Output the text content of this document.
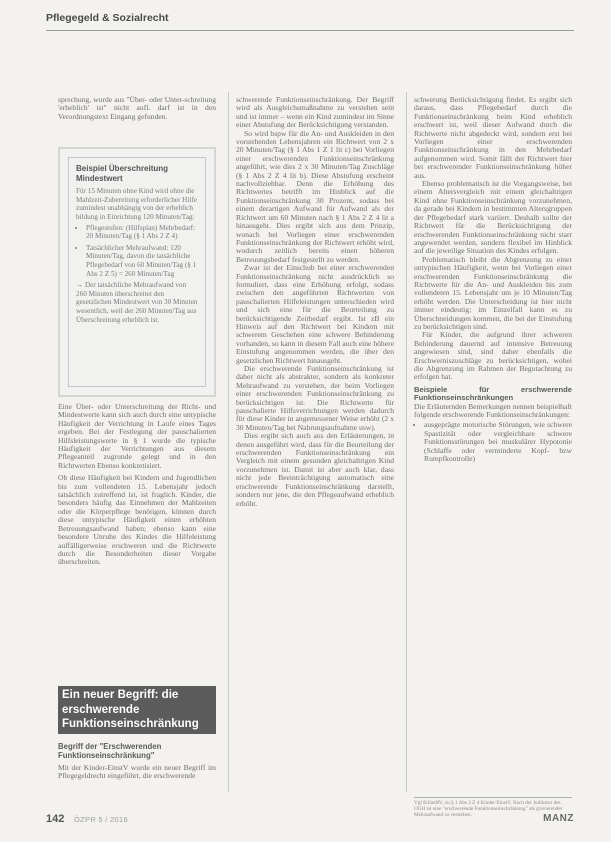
Pflegegeld & Sozialrecht

sprechung, wurde aus "Über- oder Unter-schreitung 'erheblich' ist" nicht aufl. darf ist in den Verordnungstext Eingang gefunden.

Beispiel Überschreitung Mindestwert
Für 15 Minuten ohne Kind wird ohne die Mahlzeit-Zubereitung erforderlicher Hilfe zumindest unabhängig von der erheblich bildung in Einrichtung 120 Minuten/Tag:
• Pflegestufen: (Hilfsplan) Mehrbedarf: 20 Minuten/Tag (§ 1 Abs 2 Z 4)
• Tatsächlicher Mehraufwand: 120 Minuten/Tag, davon die tatsächliche Pflegebedarf von 60 Minuten/Tag (§ 1 Abs 2 Z 5) = 260 Minuten/Tag
→ Der tatsächliche Mehraufwand von 260 Minuten überschreitet den gesetzlichen Mindestwert von 30 Minuten wesentlich, weil der 260 Minuten/Tag aus Überschreitung erheblich ist.

Eine Über- oder Unterschreitung der Richt- und Mindestwerte kann sich auch durch eine untypische Häufigkeit der Verrichtung in Laufe eines Tages ergeben. Bei der Festlegung der pauschalierten Hilfsleistungswerte in § 1 wurde die typische Häufigkeit der Verrichtungen aus diesem Pflegeanteil zugrunde gelegt und in den Richtwerten Ebenso konkretisiert.

Ob diese Häufigkeit bei Kindern und Jugendlichen bis zum vollendeten 15. Lebensjahr jedoch tatsächlich zutreffend ist, ist fraglich. Kinder, die besonders häufig das Einnehmen der Mahlzeiten oder die Körperpflege benötigen, können durch diese untypische Häufigkeit einen erhöhten Betreuungsaufwand haben; ebenso kann eine besondere Unruhe des Kindes die Hilfeleistung auffälligerweise erschweren und die Richtwerte durch die Besonderheiten dieser Vorgabe überschreiten.

Ein neuer Begriff: die erschwerende Funktionseinschränkung
Begriff der "Erschwerenden Funktionseinschränkung"
Mit der Kinder-EinstV wurde ein neuer Begriff im Pflegegeldrecht eingeführt, die erschwerende

schwerende Funktionseinschränkung. Der Begriff wird als Ausgleichsmaßnahme zu verstehen sein und ist immer – wenn ein Kind zumindest im Sinne einer Abstufung der Berücksichtigung verstanden.

So wird bspw für die An- und Auskleiden in den vorstehenden Lebensjahren ein Richtwert von 2 x 20 Minuten/Tag (§ 1 Abs 1 Z 1 lit c) bei Vorliegen einer erschwerenden Funktionseinschränkung angeführt, wie dies 2 x 30 Minuten/Tag Zuschläge (§ 1 Abs 2 Z 4 lit b). Diese Abstufung erscheint nachvollziehbar. Denn die Erhöhung des Richtwertes betrifft im Hinblick auf die Funktionseinschränkung 30 Prozent, sodass bei einem derartigen Aufwand für Aufwand als der Richtwert um 60 Minuten nach § 1 Abs 2 Z 4 lit a hinausgeht. Dies ergibt sich aus dem Prinzip, wonach bei Vorliegen einer erschwerenden Funktionseinschränkung der Richtwert erhöht wird, wodurch zeitlich bereits einen höheren Betreuungsbedarf festgestellt zu werden.

Zwar ist der Einschub bei einer erschwerenden Funktionseinschränkung nicht ausdrücklich so formuliert, dass eine Erhöhung erfolgt, sodass zwischen den angeführten Richtwerten von pauschalierten Hilfeleistungen unterschieden wird und sich eine für die Beurteilung zu berücksichtigende Zeitbedarf ergibt. Ist zB ein Hinweis auf den Richtwert bei Kindern mit schwerem Geschehen eine schwere Behinderung vorhanden, so kann in diesem Fall auch eine höhere Einstufung angenommen werden, die über den gesetzlichen Richtwert hinausgeht.

Die erschwerende Funktionseinschränkung ist daher nicht als abstrakter, sondern als konkreter Mehraufwand zu verstehen, der beim Vorliegen einer erschwerenden Funktionseinschränkung zu berücksichtigen ist. Die Richtwerte für pauschalierte Hilfsverrichtungen werden dadurch für diese Kinder in angemessener Weise erhöht (2 x 30 Minuten/Tag bei Nahrungsaufnahme usw).

Dies ergibt sich auch aus den Erläuterungen, in denen ausgeführt wird, dass für die Beurteilung der erschwerenden Funktionseinschränkung ein Vergleich mit einem gesunden gleichaltrigen Kind vorzunehmen ist. Damit ist aber auch klar, dass nicht jede Beeinträchtigung automatisch eine erschwerende Funktionseinschränkung darstellt, sondern nur jene, die den Pflegeaufwand erheblich erhöht.

schwerung Berücksichtigung findet. Es ergibt sich daraus, dass Pflegebedarf durch die Funktionseinschränkung beim Kind erheblich erschwert ist, weil dieser Aufwand durch die Richtwerte nicht abgedeckt wird, sondern erst bei Vorliegen einer erschwerenden Funktionseinschränkung in den Mehrbedarf aufgenommen wird. Somit fällt der Richtwert hier bei erschwerender Funktionseinschränkung höher aus.

Ebenso problematisch ist die Vorgangsweise, bei einem Altersvergleich mit einem gleichaltrigen Kind ohne Funktionseinschränkung vorzunehmen, da gerade bei Kindern in bestimmten Altersgruppen der Pflegebedarf stark variiert. Deshalb sollte der Richtwert für die Berücksichtigung der erschwerenden Funktionseinschränkung nicht starr angewendet werden, sondern flexibel im Hinblick auf die jeweilige Situation des Kindes erfolgen.

Problematisch bleibt die Abgrenzung zu einer untypischen Häufigkeit, wenn bei Vorliegen einer erschwerenden Funktionseinschränkung die Richtwerte für die An- und Auskleiden bis zum vollendeten 15. Lebensjahr um je 10 Minuten/Tag erhöht werden. Die Unterscheidung ist hier nicht immer eindeutig; im Einzelfall kann es zu Überschneidungen kommen, die bei der Einstufung zu berücksichtigen sind.

Für Kinder, die aufgrund ihrer schweren Behinderung dauernd auf intensive Betreuung angewiesen sind, sind daher ebenfalls die Erschwerniszuschläge zu berücksichtigen, wobei die Abgrenzung im Rahmen der Begutachtung zu erfolgen hat.

Beispiele für erschwerende Funktionseinschränkungen

Die Erläuternden Bemerkungen nennen beispielhaft folgende erschwerende Funktionseinschränkungen:

• ausgeprägte motorische Störungen, wie schwere Spastizität oder vergleichbare schwere Funktionsstörungen bei muskulärer Hypotonie (Schlaffe oder verminderte Kopf- bzw Rumpfkontrolle)
Vgl ErläutRV; zu § 1 Abs 2 Z 4 Kinder-EinstV. Nach der Judikatur des OGH ist eine "erschwerende Funktionseinschränkung" als gravierender Mehraufwand zu verstehen.
142 ÖZPR 5 / 2016	MANZ
